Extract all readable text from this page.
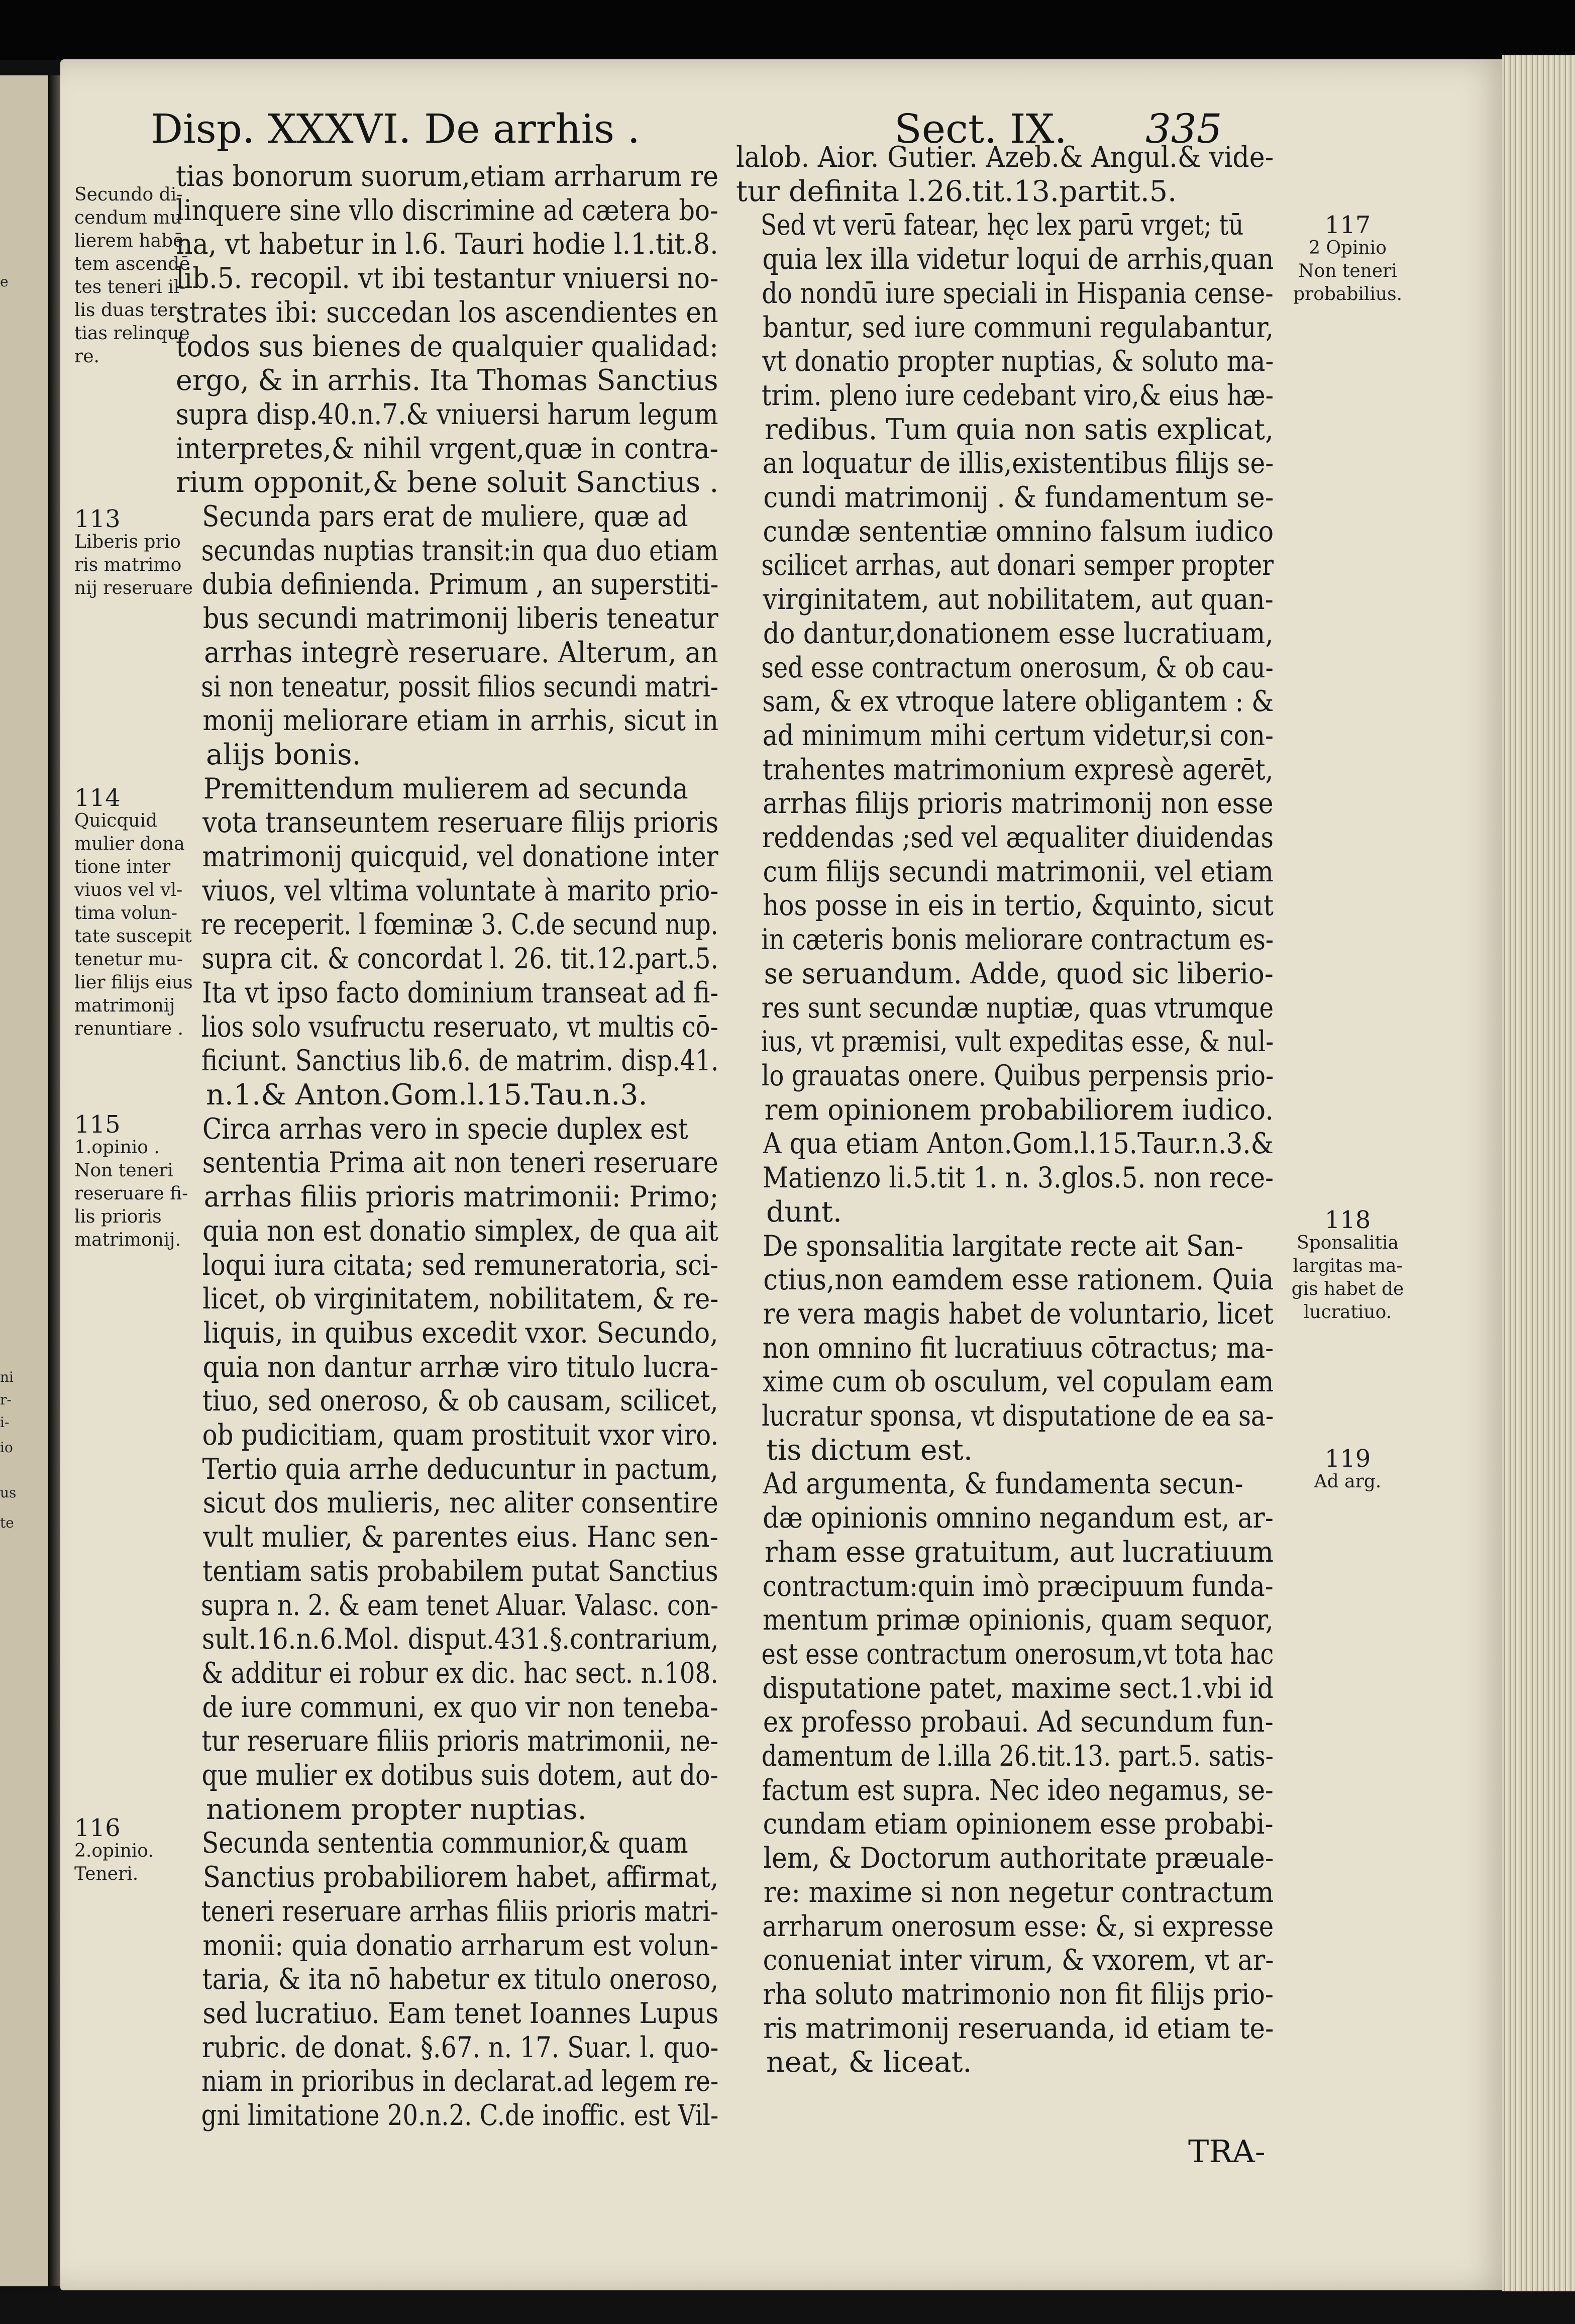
e
ni
r-
i-
io
us
te
Disp. XXXVI. De arrhis .	Sect. IX. 335

tias bonorum suorum,etiam arrharum re
linquere sine vllo discrimine ad cætera bo-
na, vt habetur in l.6. Tauri hodie l.1.tit.8.
lib.5. recopil. vt ibi testantur vniuersi no-
strates ibi: succedan los ascendientes en
todos sus bienes de qualquier qualidad:
ergo, & in arrhis. Ita Thomas Sanctius
supra disp.40.n.7.& vniuersi harum legum
interpretes,& nihil vrgent,quæ in contra-
rium opponit,& bene soluit Sanctius .

Secunda pars erat de muliere, quæ ad
secundas nuptias transit:in qua duo etiam
dubia definienda. Primum , an superstiti-
bus secundi matrimonij liberis teneatur
arrhas integrè reseruare. Alterum, an
si non teneatur, possit filios secundi matri-
monij meliorare etiam in arrhis, sicut in
alijs bonis.

Premittendum mulierem ad secunda
vota transeuntem reseruare filijs prioris
matrimonij quicquid, vel donatione inter
viuos, vel vltima voluntate à marito prio-
re receperit. l fœminæ 3. C.de secund nup.
supra cit. & concordat l. 26. tit.12.part.5.
Ita vt ipso facto dominium transeat ad fi-
lios solo vsufructu reseruato, vt multis cō-
ficiunt. Sanctius lib.6. de matrim. disp.41.
n.1.& Anton.Gom.l.15.Tau.n.3.

Circa arrhas vero in specie duplex est
sententia Prima ait non teneri reseruare
arrhas filiis prioris matrimonii: Primo;
quia non est donatio simplex, de qua ait
loqui iura citata; sed remuneratoria, sci-
licet, ob virginitatem, nobilitatem, & re-
liquis, in quibus excedit vxor. Secundo,
quia non dantur arrhæ viro titulo lucra-
tiuo, sed oneroso, & ob causam, scilicet,
ob pudicitiam, quam prostituit vxor viro.
Tertio quia arrhe deducuntur in pactum,
sicut dos mulieris, nec aliter consentire
vult mulier, & parentes eius. Hanc sen-
tentiam satis probabilem putat Sanctius
supra n. 2. & eam tenet Aluar. Valasc. con-
sult.16.n.6.Mol. disput.431.§.contrarium,
& additur ei robur ex dic. hac sect. n.108.
de iure communi, ex quo vir non teneba-
tur reseruare filiis prioris matrimonii, ne-
que mulier ex dotibus suis dotem, aut do-
nationem propter nuptias.

Secunda sententia communior,& quam
Sanctius probabiliorem habet, affirmat,
teneri reseruare arrhas filiis prioris matri-
monii: quia donatio arrharum est volun-
taria, & ita nō habetur ex titulo oneroso,
sed lucratiuo. Eam tenet Ioannes Lupus
rubric. de donat. §.67. n. 17. Suar. l. quo-
niam in prioribus in declarat.ad legem re-
gni limitatione 20.n.2. C.de inoffic. est Vil-

lalob. Aior. Gutier. Azeb.& Angul.& vide-
tur definita l.26.tit.13.partit.5.

Sed vt verū fatear, hęc lex parū vrget; tū
quia lex illa videtur loqui de arrhis,quan
do nondū iure speciali in Hispania cense-
bantur, sed iure communi regulabantur,
vt donatio propter nuptias, & soluto ma-
trim. pleno iure cedebant viro,& eius hæ-
redibus. Tum quia non satis explicat,
an loquatur de illis,existentibus filijs se-
cundi matrimonij . & fundamentum se-
cundæ sententiæ omnino falsum iudico
scilicet arrhas, aut donari semper propter
virginitatem, aut nobilitatem, aut quan-
do dantur,donationem esse lucratiuam,
sed esse contractum onerosum, & ob cau-
sam, & ex vtroque latere obligantem : &
ad minimum mihi certum videtur,si con-
trahentes matrimonium expresè agerēt,
arrhas filijs prioris matrimonij non esse
reddendas ;sed vel æqualiter diuidendas
cum filijs secundi matrimonii, vel etiam
hos posse in eis in tertio, &quinto, sicut
in cæteris bonis meliorare contractum es-
se seruandum. Adde, quod sic liberio-
res sunt secundæ nuptiæ, quas vtrumque
ius, vt præmisi, vult expeditas esse, & nul-
lo grauatas onere. Quibus perpensis prio-
rem opinionem probabiliorem iudico.
A qua etiam Anton.Gom.l.15.Taur.n.3.&
Matienzo li.5.tit 1. n. 3.glos.5. non rece-
dunt.

De sponsalitia largitate recte ait San-
ctius,non eamdem esse rationem. Quia
re vera magis habet de voluntario, licet
non omnino fit lucratiuus cōtractus; ma-
xime cum ob osculum, vel copulam eam
lucratur sponsa, vt disputatione de ea sa-
tis dictum est.

Ad argumenta, & fundamenta secun-
dæ opinionis omnino negandum est, ar-
rham esse gratuitum, aut lucratiuum
contractum:quin imò præcipuum funda-
mentum primæ opinionis, quam sequor,
est esse contractum onerosum,vt tota hac
disputatione patet, maxime sect.1.vbi id
ex professo probaui. Ad secundum fun-
damentum de l.illa 26.tit.13. part.5. satis-
factum est supra. Nec ideo negamus, se-
cundam etiam opinionem esse probabi-
lem, & Doctorum authoritate præuale-
re: maxime si non negetur contractum
arrharum onerosum esse: &, si expresse
conueniat inter virum, & vxorem, vt ar-
rha soluto matrimonio non fit filijs prio-
ris matrimonij reseruanda, id etiam te-
neat, & liceat.

Secundo di-
cendum mu
lierem habē
tem ascendē
tes teneri il-
lis duas ter-
tias relinque
re.
113
Liberis prio
ris matrimo
nij reseruare
114
Quicquid
mulier dona
tione inter
viuos vel vl-
tima volun-
tate suscepit
tenetur mu-
lier filijs eius
matrimonij
renuntiare .
115
1.opinio .
Non teneri
reseruare fi-
lis prioris
matrimonij.
116
2.opinio.
Teneri.
117
2 Opinio
Non teneri
probabilius.
118
Sponsalitia
largitas ma-
gis habet de
lucratiuo.
119
Ad arg.
TRA-
